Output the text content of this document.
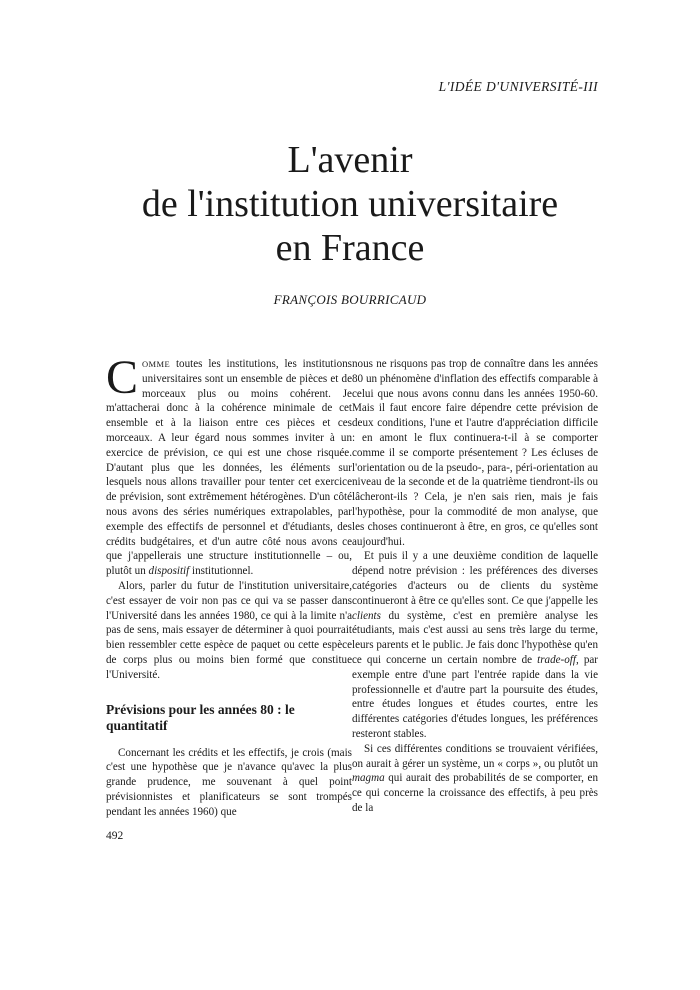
L'IDÉE D'UNIVERSITÉ-III

L'avenir
de l'institution universitaire
en France

FRANÇOIS BOURRICAUD

COMME toutes les institutions, les institutions universitaires sont un ensemble de pièces et de morceaux plus ou moins cohérent. Je m'attacherai donc à la cohérence minimale de cet ensemble et à la liaison entre ces pièces et ces morceaux. A leur égard nous sommes inviter à un exercice de prévision, ce qui est une chose risquée. D'autant plus que les données, les éléments sur lesquels nous allons travailler pour tenter cet exercice de prévision, sont extrêmement hétérogènes. D'un côté nous avons des séries numériques extrapolables, par exemple des effectifs de personnel et d'étudiants, des crédits budgétaires, et d'un autre côté nous avons ce que j'appellerais une structure institutionnelle – ou, plutôt un dispositif institutionnel.

Alors, parler du futur de l'institution universitaire, c'est essayer de voir non pas ce qui va se passer dans l'Université dans les années 1980, ce qui à la limite n'a pas de sens, mais essayer de déterminer à quoi pourrait bien ressembler cette espèce de paquet ou cette espèce de corps plus ou moins bien formé que constitue l'Université.

Prévisions pour les années 80 : le quantitatif

Concernant les crédits et les effectifs, je crois (mais c'est une hypothèse que je n'avance qu'avec la plus grande prudence, me souvenant à quel point prévisionnistes et planificateurs se sont trompés pendant les années 1960) que

nous ne risquons pas trop de connaître dans les années 80 un phénomène d'inflation des effectifs comparable à celui que nous avons connu dans les années 1950-60. Mais il faut encore faire dépendre cette prévision de deux conditions, l'une et l'autre d'appréciation difficile : en amont le flux continuera-t-il à se comporter comme il se comporte présentement ? Les écluses de l'orientation ou de la pseudo-, para-, péri-orientation au niveau de la seconde et de la quatrième tiendront-ils ou lâcheront-ils ? Cela, je n'en sais rien, mais je fais l'hypothèse, pour la commodité de mon analyse, que les choses continueront à être, en gros, ce qu'elles sont aujourd'hui.

Et puis il y a une deuxième condition de laquelle dépend notre prévision : les préférences des diverses catégories d'acteurs ou de clients du système continueront à être ce qu'elles sont. Ce que j'appelle les clients du système, c'est en première analyse les étudiants, mais c'est aussi au sens très large du terme, leurs parents et le public. Je fais donc l'hypothèse qu'en ce qui concerne un certain nombre de trade-off, par exemple entre d'une part l'entrée rapide dans la vie professionnelle et d'autre part la poursuite des études, entre études longues et études courtes, entre les différentes catégories d'études longues, les préférences resteront stables.

Si ces différentes conditions se trouvaient vérifiées, on aurait à gérer un système, un « corps », ou plutôt un magma qui aurait des probabilités de se comporter, en ce qui concerne la croissance des effectifs, à peu près de la

492
